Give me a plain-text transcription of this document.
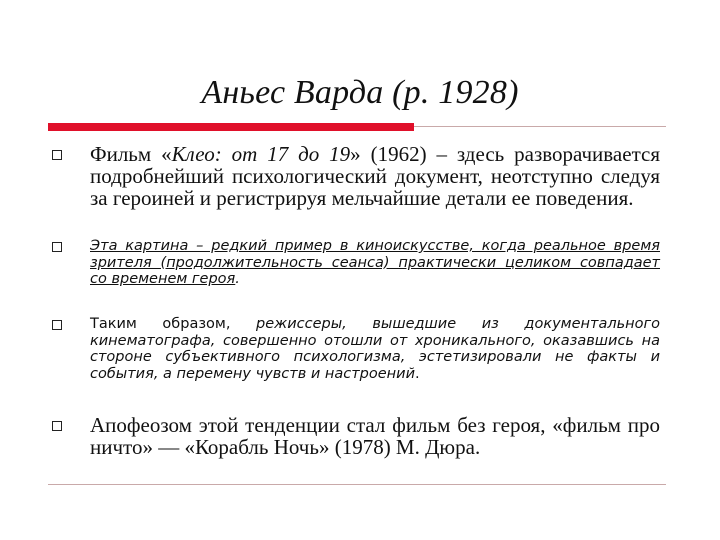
Аньес Варда (р. 1928)
Фильм «Клео: от 17 до 19» (1962) – здесь разворачивается подробнейший психологический документ, неотступно следуя за героиней и регистрируя мельчайшие детали ее поведения.
Эта картина – редкий пример в киноискусстве, когда реальное время зрителя (продолжительность сеанса) практически целиком совпадает со временем героя.
Таким образом, режиссеры, вышедшие из документального кинематографа, совершенно отошли от хроникального, оказавшись на стороне субъективного психологизма, эстетизировали не факты и события, а перемену чувств и настроений.
Апофеозом этой тенденции стал фильм без героя, «фильм про ничто» — «Корабль Ночь» (1978) М. Дюра.
